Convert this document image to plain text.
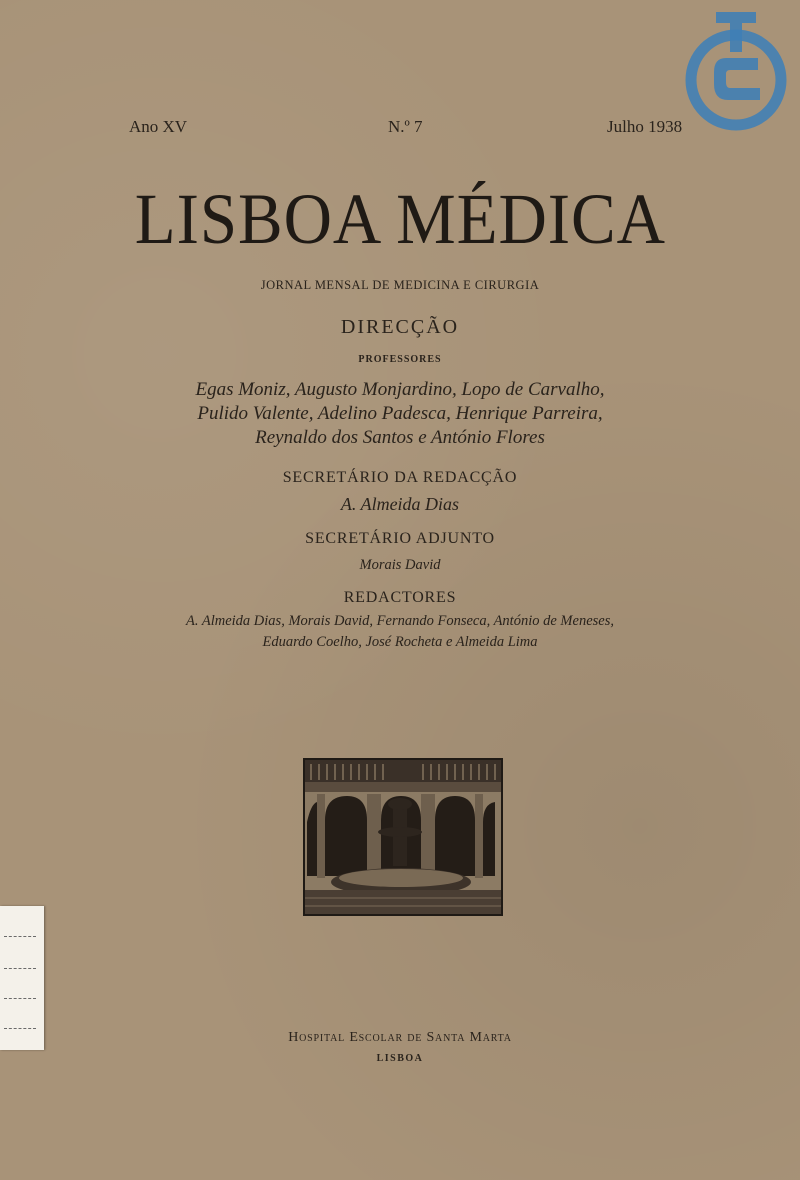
Ano XV	N.º 7	Julho 1938
LISBOA MÉDICA
JORNAL MENSAL DE MEDICINA E CIRURGIA
DIRECÇÃO
PROFESSORES
Egas Moniz, Augusto Monjardino, Lopo de Carvalho,
Pulido Valente, Adelino Padesca, Henrique Parreira,
Reynaldo dos Santos e António Flores
SECRETÁRIO DA REDACÇÃO
A. Almeida Dias
SECRETÁRIO ADJUNTO
Morais David
REDACTORES
A. Almeida Dias, Morais David, Fernando Fonseca, António de Meneses,
Eduardo Coelho, José Rocheta e Almeida Lima
Hospital Escolar de Santa Marta
LISBOA
